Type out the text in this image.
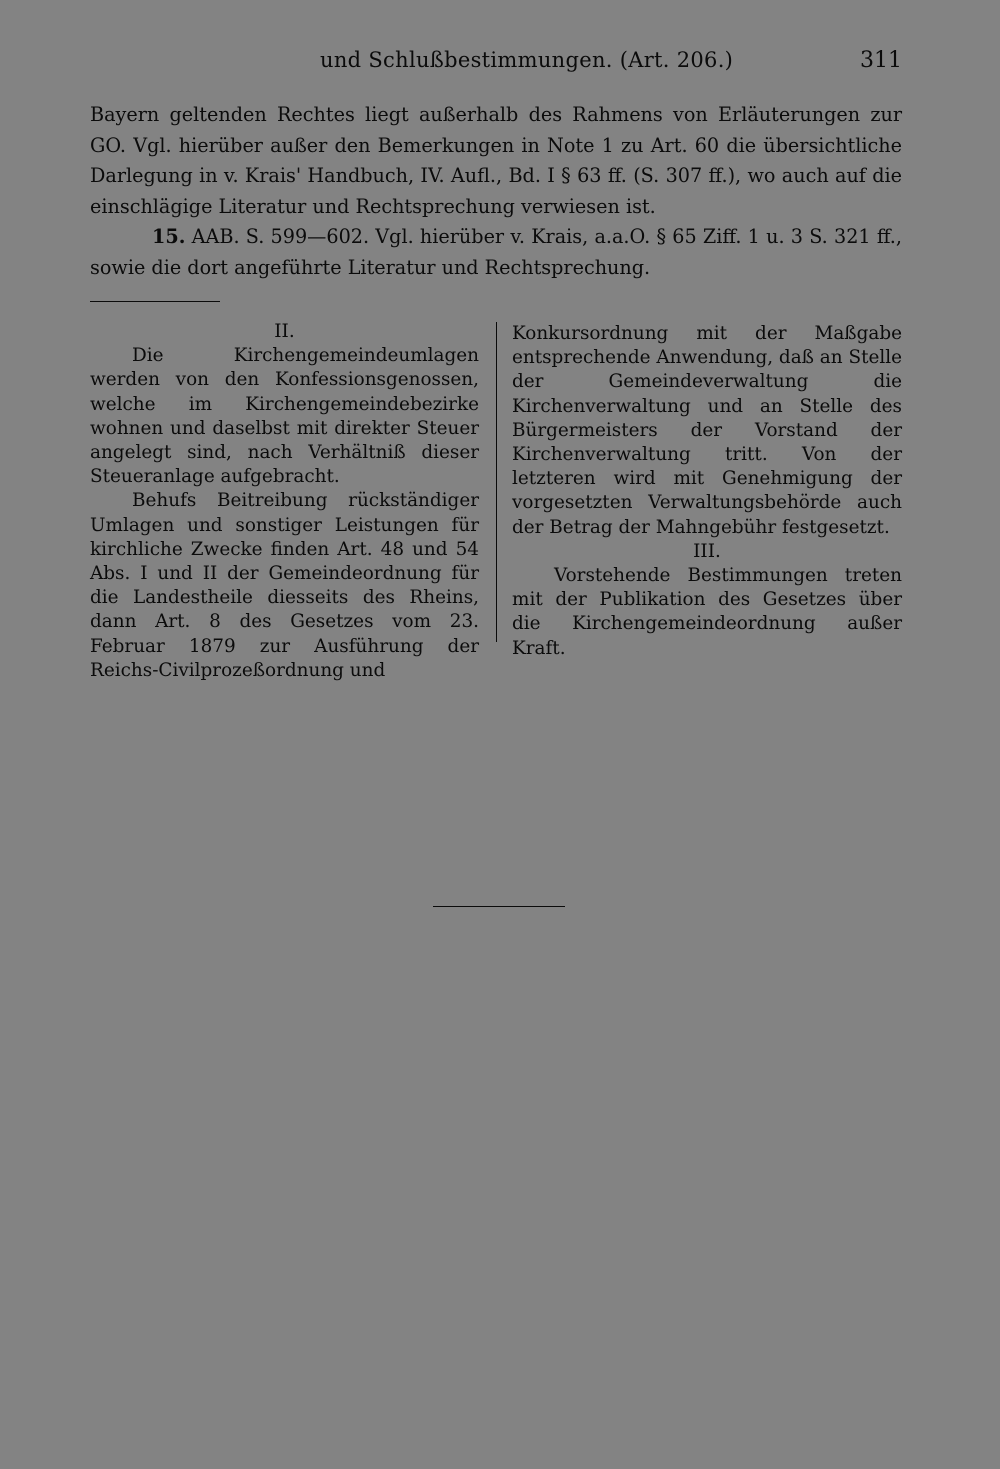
und Schlußbestimmungen. (Art. 206.)	311

Bayern geltenden Rechtes liegt außerhalb des Rahmens von Erläuterungen zur GO. Vgl. hierüber außer den Bemerkungen in Note 1 zu Art. 60 die übersichtliche Darlegung in v. Krais' Handbuch, IV. Aufl., Bd. I § 63 ff. (S. 307 ff.), wo auch auf die einschlägige Literatur und Rechtsprechung verwiesen ist.

15. AAB. S. 599—602. Vgl. hierüber v. Krais, a.a.O. § 65 Ziff. 1 u. 3 S. 321 ff., sowie die dort angeführte Literatur und Rechtsprechung.

II.

Die Kirchengemeindeumlagen werden von den Konfessionsgenossen, welche im Kirchengemeindebezirke wohnen und daselbst mit direkter Steuer angelegt sind, nach Verhältniß dieser Steueranlage aufgebracht.

Behufs Beitreibung rückständiger Umlagen und sonstiger Leistungen für kirchliche Zwecke finden Art. 48 und 54 Abs. I und II der Gemeindeordnung für die Landestheile diesseits des Rheins, dann Art. 8 des Gesetzes vom 23. Februar 1879 zur Ausführung der Reichs-Civilprozeßordnung und

Konkursordnung mit der Maßgabe entsprechende Anwendung, daß an Stelle der Gemeindeverwaltung die Kirchenverwaltung und an Stelle des Bürgermeisters der Vorstand der Kirchenverwaltung tritt. Von der letzteren wird mit Genehmigung der vorgesetzten Verwaltungsbehörde auch der Betrag der Mahngebühr festgesetzt.

III.

Vorstehende Bestimmungen treten mit der Publikation des Gesetzes über die Kirchengemeindeordnung außer Kraft.
